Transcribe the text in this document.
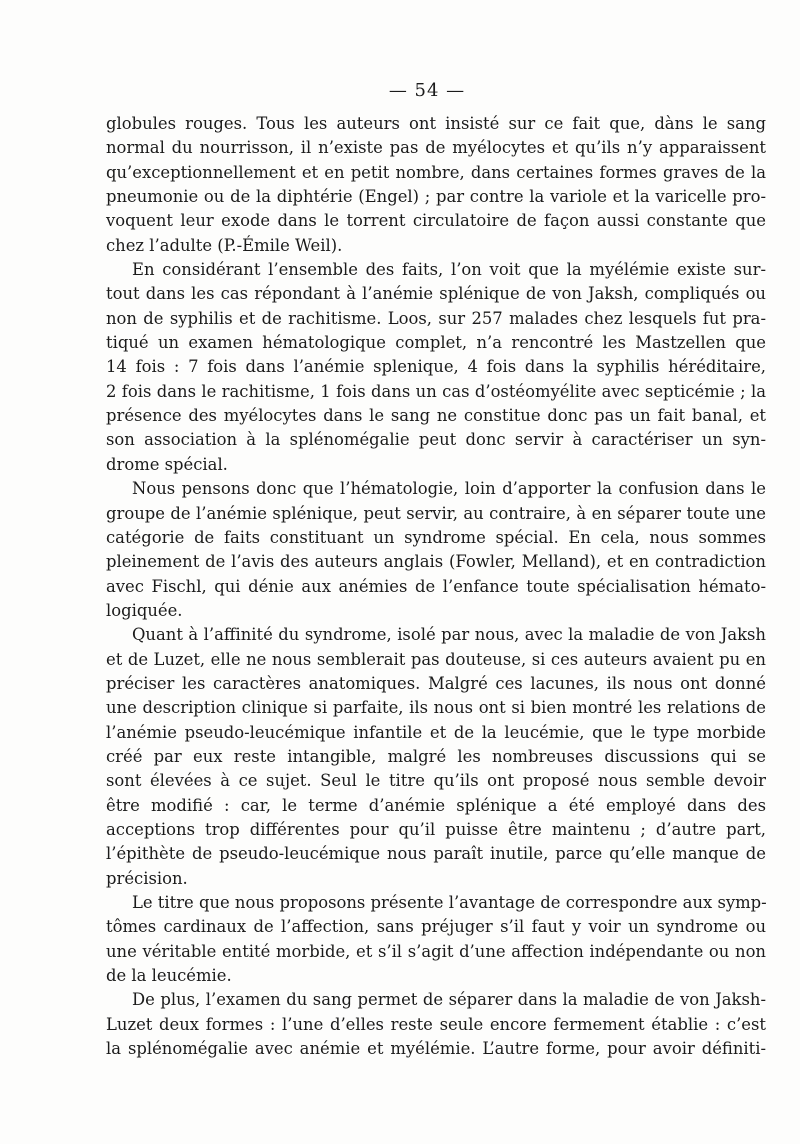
— 54 —
globules rouges. Tous les auteurs ont insisté sur ce fait que, dàns le sang
normal du nourrisson, il n’existe pas de myélocytes et qu’ils n’y apparaissent
qu’exceptionnellement et en petit nombre, dans certaines formes graves de la
pneumonie ou de la diphtérie (Engel) ; par contre la variole et la varicelle pro-
voquent leur exode dans le torrent circulatoire de façon aussi constante que
chez l’adulte (P.-Émile Weil).
En considérant l’ensemble des faits, l’on voit que la myélémie existe sur-
tout dans les cas répondant à l’anémie splénique de von Jaksh, compliqués ou
non de syphilis et de rachitisme. Loos, sur 257 malades chez lesquels fut pra-
tiqué un examen hématologique complet, n’a rencontré les Mastzellen que
14 fois : 7 fois dans l’anémie splenique, 4 fois dans la syphilis héréditaire,
2 fois dans le rachitisme, 1 fois dans un cas d’ostéomyélite avec septicémie ; la
présence des myélocytes dans le sang ne constitue donc pas un fait banal, et
son association à la splénomégalie peut donc servir à caractériser un syn-
drome spécial.
Nous pensons donc que l’hématologie, loin d’apporter la confusion dans le
groupe de l’anémie splénique, peut servir, au contraire, à en séparer toute une
catégorie de faits constituant un syndrome spécial. En cela, nous sommes
pleinement de l’avis des auteurs anglais (Fowler, Melland), et en contradiction
avec Fischl, qui dénie aux anémies de l’enfance toute spécialisation hémato-
logiquée.
Quant à l’affinité du syndrome, isolé par nous, avec la maladie de von Jaksh
et de Luzet, elle ne nous semblerait pas douteuse, si ces auteurs avaient pu en
préciser les caractères anatomiques. Malgré ces lacunes, ils nous ont donné
une description clinique si parfaite, ils nous ont si bien montré les relations de
l’anémie pseudo-leucémique infantile et de la leucémie, que le type morbide
créé par eux reste intangible, malgré les nombreuses discussions qui se
sont élevées à ce sujet. Seul le titre qu’ils ont proposé nous semble devoir
être modifié : car, le terme d’anémie splénique a été employé dans des
acceptions trop différentes pour qu’il puisse être maintenu ; d’autre part,
l’épithète de pseudo-leucémique nous paraît inutile, parce qu’elle manque de
précision.
Le titre que nous proposons présente l’avantage de correspondre aux symp-
tômes cardinaux de l’affection, sans préjuger s’il faut y voir un syndrome ou
une véritable entité morbide, et s’il s’agit d’une affection indépendante ou non
de la leucémie.
De plus, l’examen du sang permet de séparer dans la maladie de von Jaksh-
Luzet deux formes : l’une d’elles reste seule encore fermement établie : c’est
la splénomégalie avec anémie et myélémie. L’autre forme, pour avoir définiti-
